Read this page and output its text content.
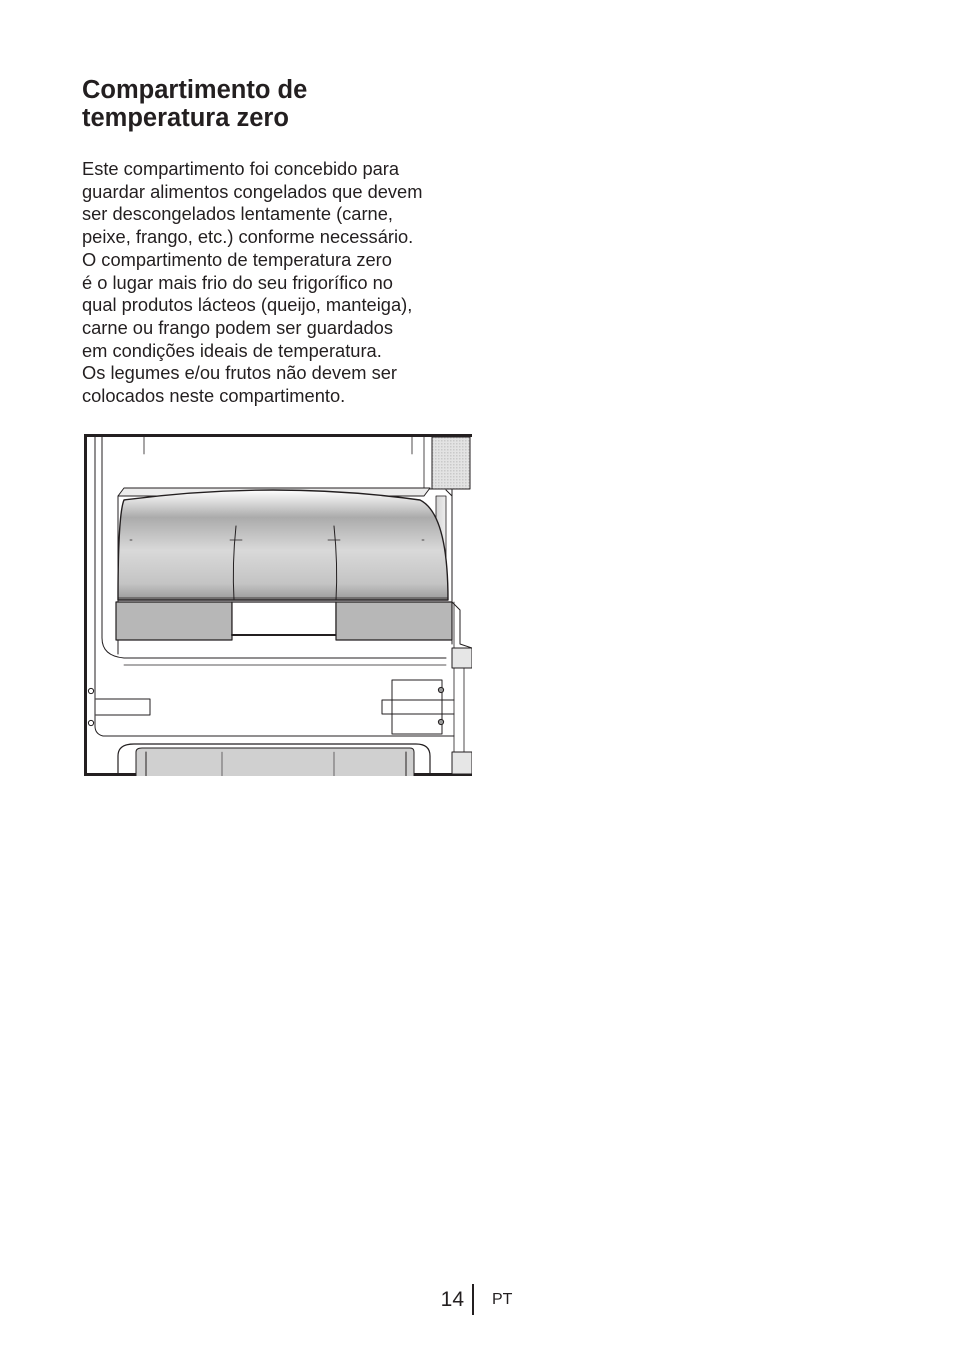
Compartimento de
temperatura zero
Este compartimento foi concebido para
guardar alimentos congelados que devem
ser descongelados lentamente (carne,
peixe, frango, etc.) conforme necessário.
O compartimento de temperatura zero
é o lugar mais frio do seu frigorífico no
qual produtos lácteos (queijo, manteiga),
carne ou frango podem ser guardados
em condições ideais de temperatura.
Os legumes e/ou frutos não devem ser
colocados neste compartimento.
14 PT
